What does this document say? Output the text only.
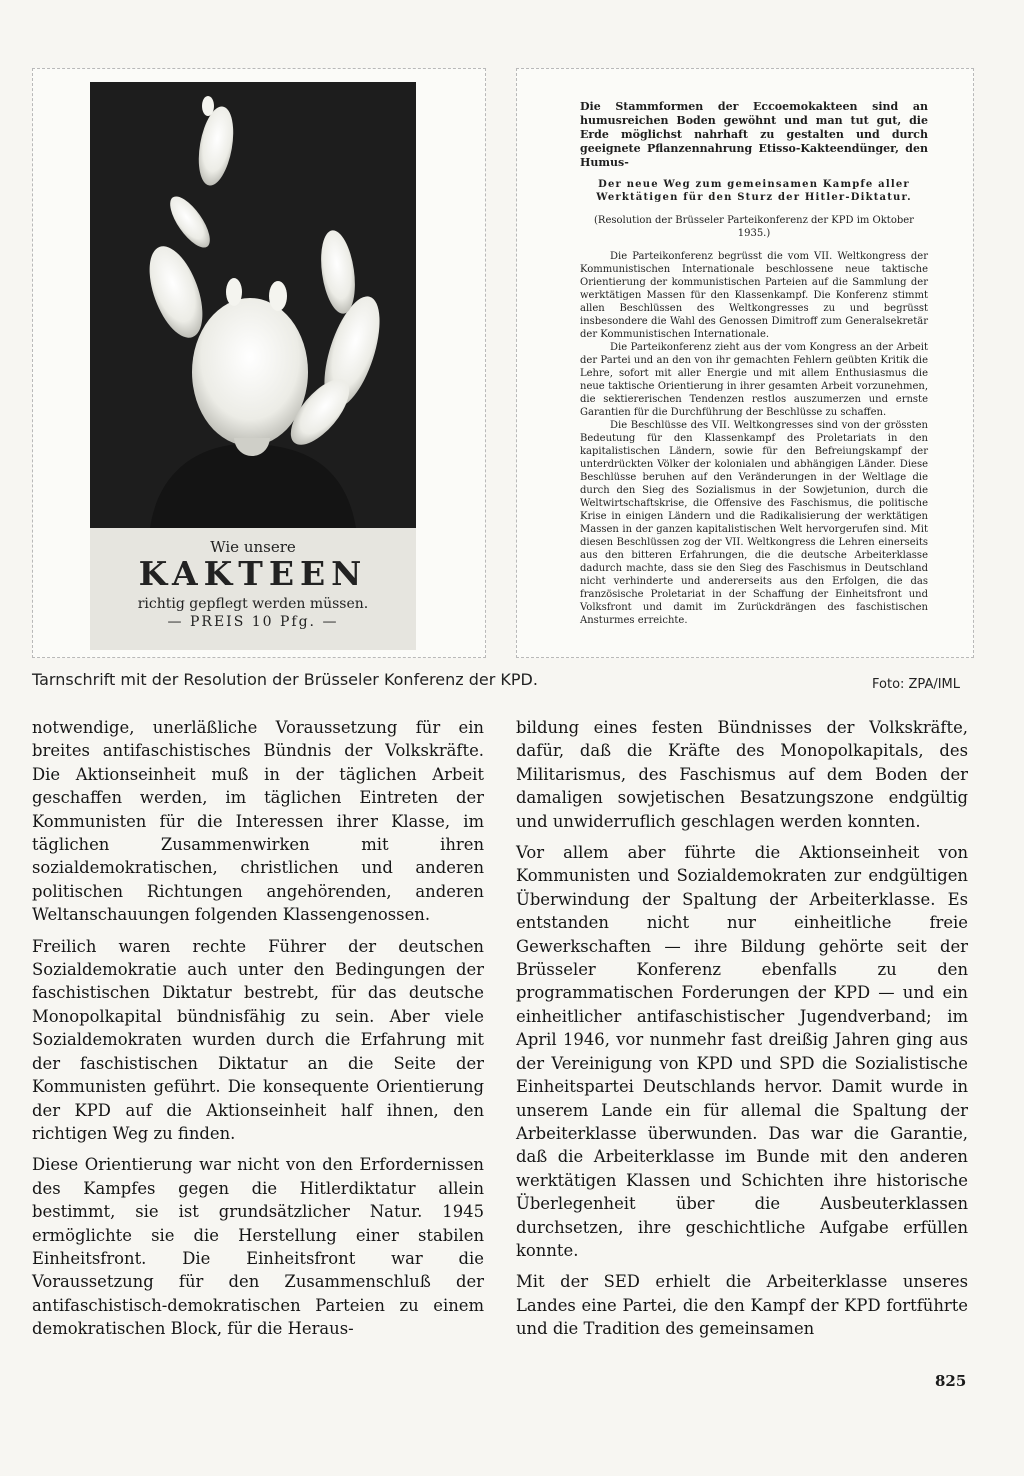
Wie unsere
KAKTEEN
richtig gepflegt werden müssen.
— PREIS 10 Pfg. —
Die Stammformen der Eccoemokakteen sind an humusreichen Boden gewöhnt und man tut gut, die Erde möglichst nahrhaft zu gestalten und durch geeignete Pflanzennahrung Etisso-Kakteendünger, den Humus-
Der neue Weg zum gemeinsamen Kampfe aller Werktätigen für den Sturz der Hitler-Diktatur.
(Resolution der Brüsseler Parteikonferenz der KPD im Oktober 1935.)

Die Parteikonferenz begrüsst die vom VII. Weltkongress der Kommunistischen Internationale beschlossene neue taktische Orientierung der kommunistischen Parteien auf die Sammlung der werktätigen Massen für den Klassenkampf. Die Konferenz stimmt allen Beschlüssen des Weltkongresses zu und begrüsst insbesondere die Wahl des Genossen Dimitroff zum Generalsekretär der Kommunistischen Internationale.

Die Parteikonferenz zieht aus der vom Kongress an der Arbeit der Partei und an den von ihr gemachten Fehlern geübten Kritik die Lehre, sofort mit aller Energie und mit allem Enthusiasmus die neue taktische Orientierung in ihrer gesamten Arbeit vorzunehmen, die sektiererischen Tendenzen restlos auszumerzen und ernste Garantien für die Durchführung der Beschlüsse zu schaffen.

Die Beschlüsse des VII. Weltkongresses sind von der grössten Bedeutung für den Klassenkampf des Proletariats in den kapitalistischen Ländern, sowie für den Befreiungskampf der unterdrückten Völker der kolonialen und abhängigen Länder. Diese Beschlüsse beruhen auf den Veränderungen in der Weltlage die durch den Sieg des Sozialismus in der Sowjetunion, durch die Weltwirtschaftskrise, die Offensive des Faschismus, die politische Krise in einigen Ländern und die Radikalisierung der werktätigen Massen in der ganzen kapitalistischen Welt hervorgerufen sind. Mit diesen Beschlüssen zog der VII. Weltkongress die Lehren einerseits aus den bitteren Erfahrungen, die die deutsche Arbeiterklasse dadurch machte, dass sie den Sieg des Faschismus in Deutschland nicht verhinderte und andererseits aus den Erfolgen, die das französische Proletariat in der Schaffung der Einheitsfront und Volksfront und damit im Zurückdrängen des faschistischen Ansturmes erreichte.

Tarnschrift mit der Resolution der Brüsseler Konferenz der KPD.	Foto: ZPA/IML

notwendige, unerläßliche Voraussetzung für ein breites antifaschistisches Bündnis der Volkskräfte. Die Aktionseinheit muß in der täglichen Arbeit geschaffen werden, im täglichen Eintreten der Kommunisten für die Interessen ihrer Klasse, im täglichen Zusammenwirken mit ihren sozialdemokratischen, christlichen und anderen politischen Richtungen angehörenden, anderen Weltanschauungen folgenden Klassengenossen.

Freilich waren rechte Führer der deutschen Sozialdemokratie auch unter den Bedingungen der faschistischen Diktatur bestrebt, für das deutsche Monopolkapital bündnisfähig zu sein. Aber viele Sozialdemokraten wurden durch die Erfahrung mit der faschistischen Diktatur an die Seite der Kommunisten geführt. Die konsequente Orientierung der KPD auf die Aktionseinheit half ihnen, den richtigen Weg zu finden.

Diese Orientierung war nicht von den Erfordernissen des Kampfes gegen die Hitlerdiktatur allein bestimmt, sie ist grundsätzlicher Natur. 1945 ermöglichte sie die Herstellung einer stabilen Einheitsfront. Die Einheitsfront war die Voraussetzung für den Zusammenschluß der antifaschistisch-demokratischen Parteien zu einem demokratischen Block, für die Heraus-

bildung eines festen Bündnisses der Volkskräfte, dafür, daß die Kräfte des Monopolkapitals, des Militarismus, des Faschismus auf dem Boden der damaligen sowjetischen Besatzungszone endgültig und unwiderruflich geschlagen werden konnten.

Vor allem aber führte die Aktionseinheit von Kommunisten und Sozialdemokraten zur endgültigen Überwindung der Spaltung der Arbeiterklasse. Es entstanden nicht nur einheitliche freie Gewerkschaften — ihre Bildung gehörte seit der Brüsseler Konferenz ebenfalls zu den programmatischen Forderungen der KPD — und ein einheitlicher antifaschistischer Jugendverband; im April 1946, vor nunmehr fast dreißig Jahren ging aus der Vereinigung von KPD und SPD die Sozialistische Einheitspartei Deutschlands hervor. Damit wurde in unserem Lande ein für allemal die Spaltung der Arbeiterklasse überwunden. Das war die Garantie, daß die Arbeiterklasse im Bunde mit den anderen werktätigen Klassen und Schichten ihre historische Überlegenheit über die Ausbeuterklassen durchsetzen, ihre geschichtliche Aufgabe erfüllen konnte.

Mit der SED erhielt die Arbeiterklasse unseres Landes eine Partei, die den Kampf der KPD fortführte und die Tradition des gemeinsamen

825
